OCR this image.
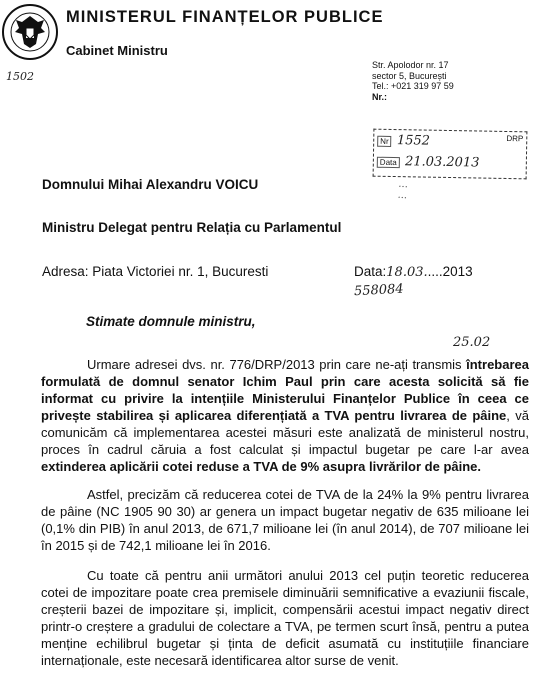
MINISTERUL FINANȚELOR PUBLICE
Cabinet Ministru
1502
Str. Apolodor nr. 17
sector 5, București
Tel.: +021 319 97 59
Nr.:
Nr 1552	DRP
Data 21.03.2013
...
...
Domnului Mihai Alexandru VOICU
Ministru Delegat pentru Relația cu Parlamentul
Adresa: Piata Victoriei nr. 1, Bucuresti	Data:18.03.....2013
558084
Stimate domnule ministru,
25.02
Urmare adresei dvs. nr. 776/DRP/2013 prin care ne-ați transmis întrebarea formulată de domnul senator Ichim Paul prin care acesta solicită să fie informat cu privire la intențiile Ministerului Finanțelor Publice în ceea ce privește stabilirea și aplicarea diferențiată a TVA pentru livrarea de pâine, vă comunicăm că implementarea acestei măsuri este analizată de ministerul nostru, proces în cadrul căruia a fost calculat și impactul bugetar pe care l-ar avea extinderea aplicării cotei reduse a TVA de 9% asupra livrărilor de pâine.
Astfel, precizăm că reducerea cotei de TVA de la 24% la 9% pentru livrarea de pâine (NC 1905 90 30) ar genera un impact bugetar negativ de 635 milioane lei (0,1% din PIB) în anul 2013, de 671,7 milioane lei (în anul 2014), de 707 milioane lei în 2015 și de 742,1 milioane lei în 2016.
Cu toate că pentru anii următori anului 2013 cel puțin teoretic reducerea cotei de impozitare poate crea premisele diminuării semnificative a evaziunii fiscale, creșterii bazei de impozitare și, implicit, compensării acestui impact negativ direct printr-o creștere a gradului de colectare a TVA, pe termen scurt însă, pentru a putea menține echilibrul bugetar și ținta de deficit asumată cu instituțiile financiare internaționale, este necesară identificarea altor surse de venit.
